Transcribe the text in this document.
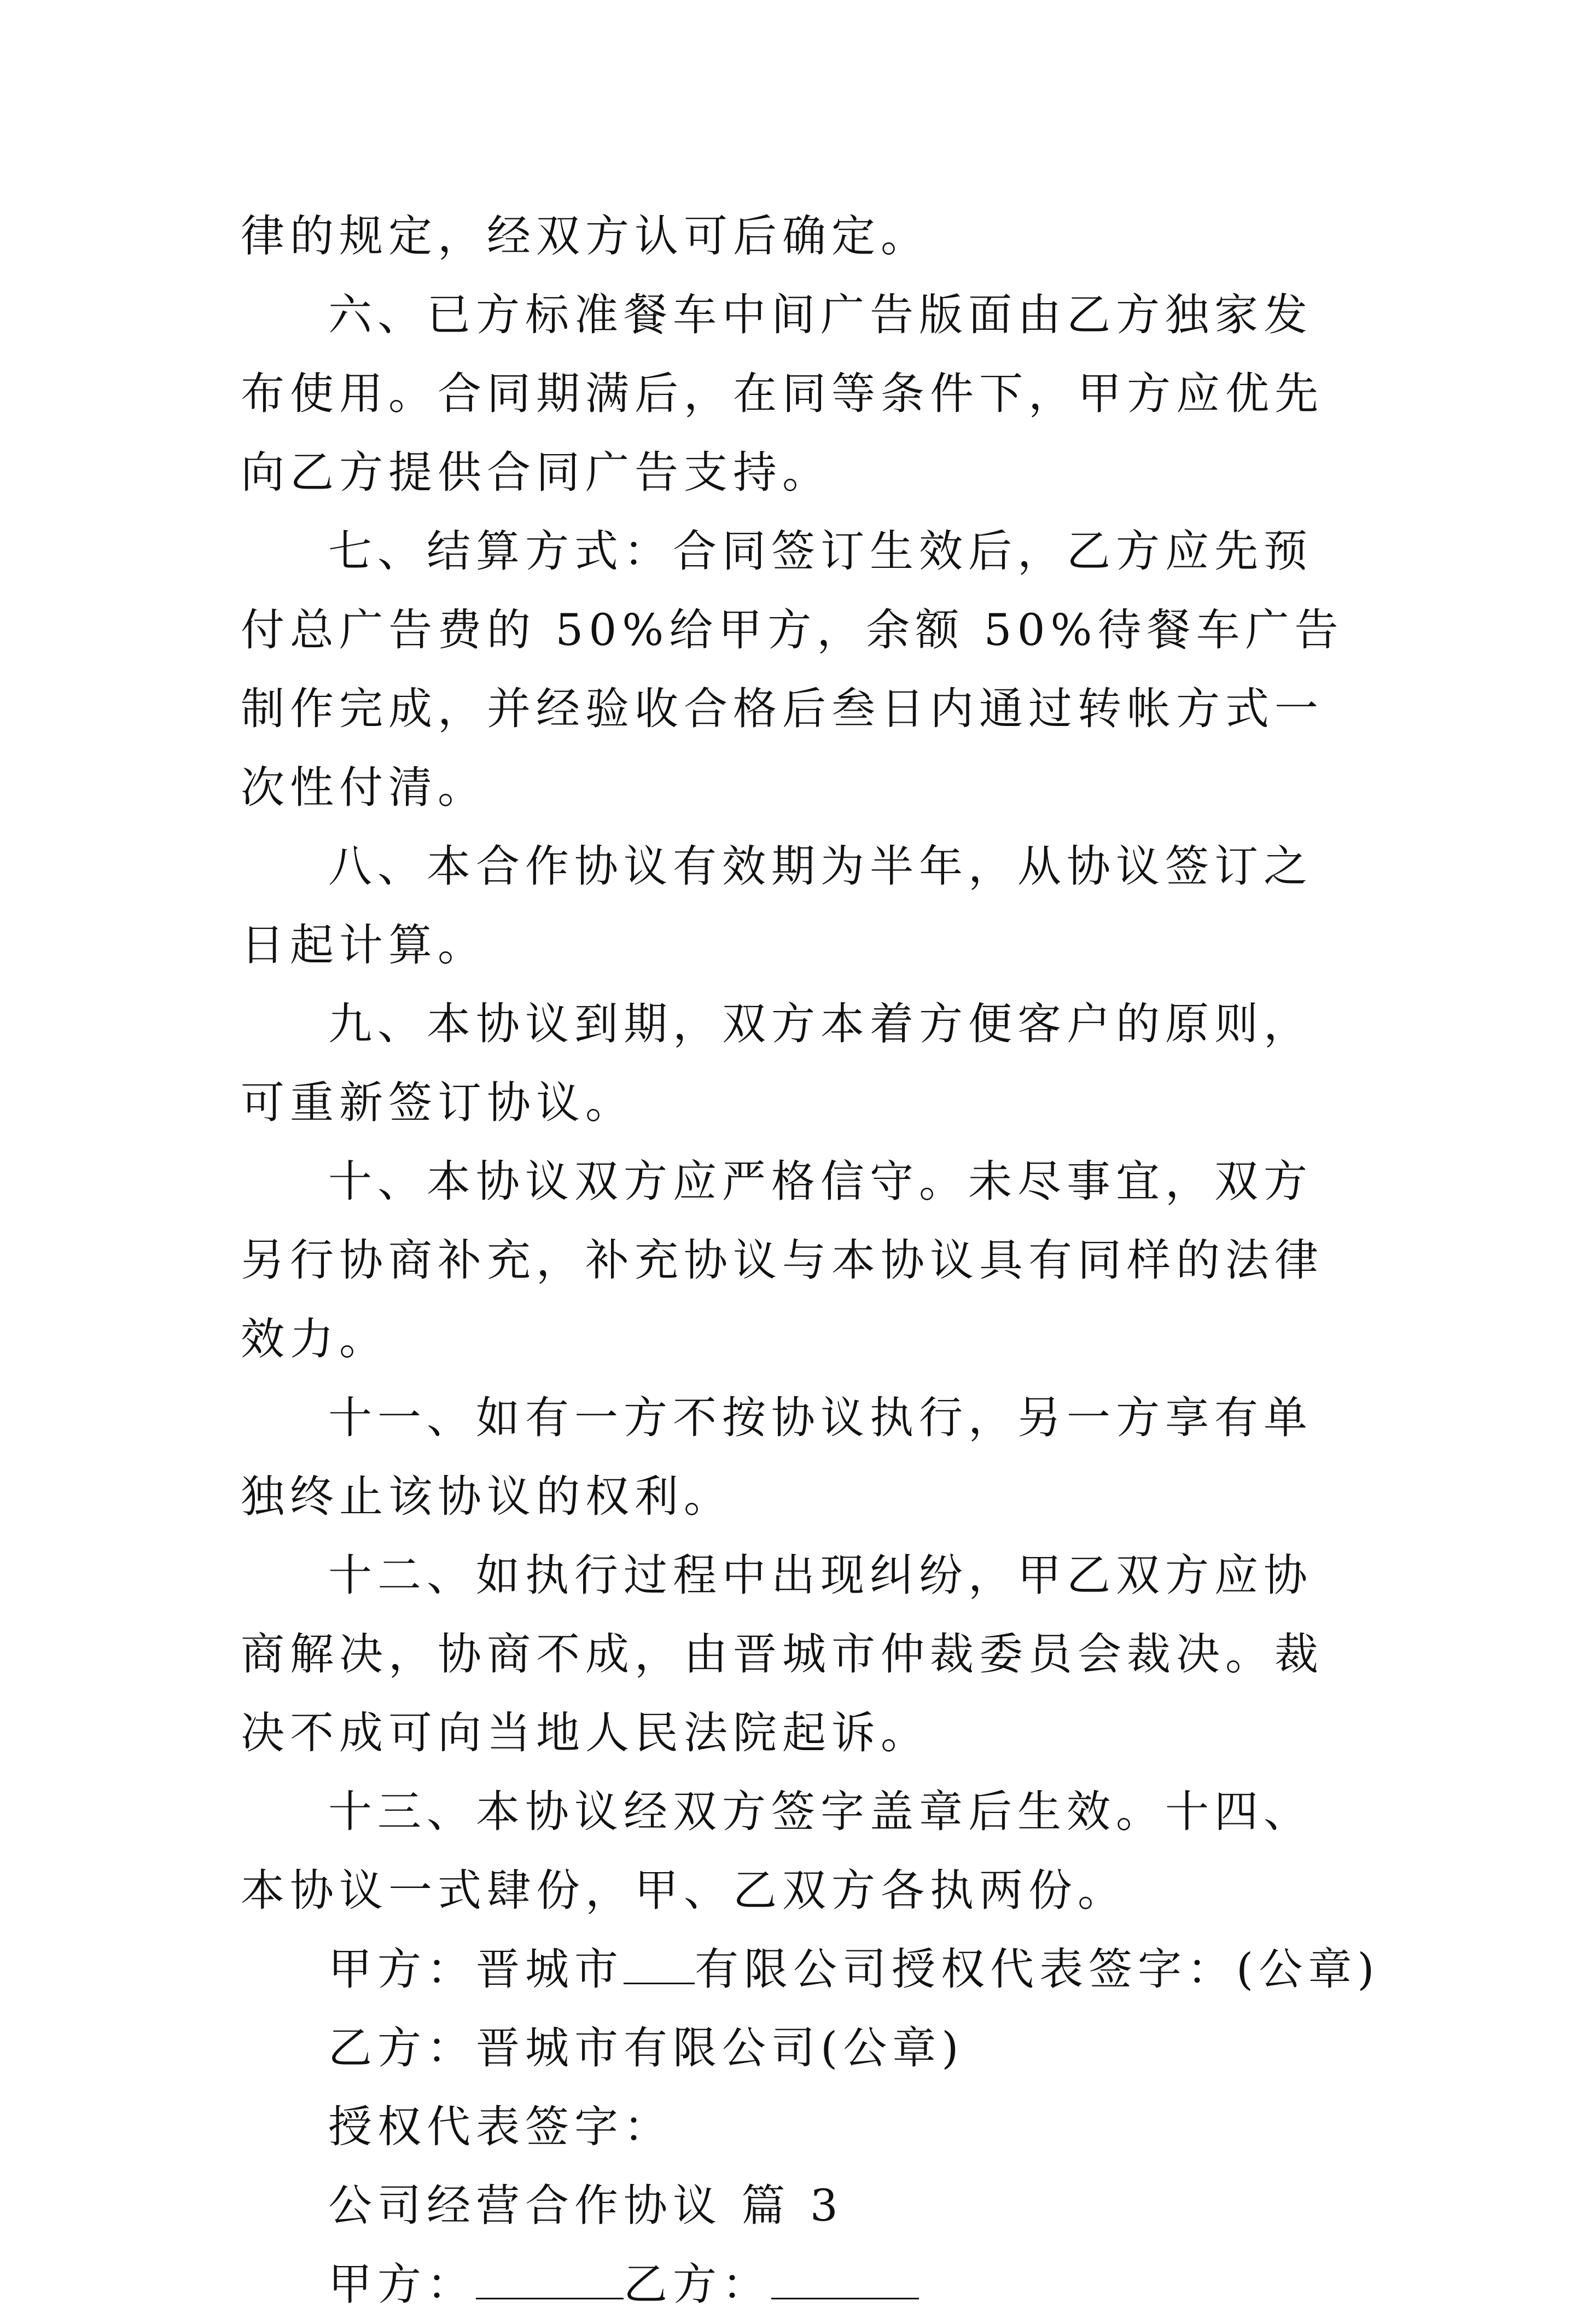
律的规定，经双方认可后确定。

六、已方标准餐车中间广告版面由乙方独家发布使用。合同期满后，在同等条件下，甲方应优先向乙方提供合同广告支持。

七、结算方式：合同签订生效后，乙方应先预付总广告费的 50%给甲方，余额 50%待餐车广告制作完成，并经验收合格后叁日内通过转帐方式一次性付清。

八、本合作协议有效期为半年，从协议签订之日起计算。

九、本协议到期，双方本着方便客户的原则，可重新签订协议。

十、本协议双方应严格信守。未尽事宜，双方另行协商补充，补充协议与本协议具有同样的法律效力。

十一、如有一方不按协议执行，另一方享有单独终止该协议的权利。

十二、如执行过程中出现纠纷，甲乙双方应协商解决，协商不成，由晋城市仲裁委员会裁决。裁决不成可向当地人民法院起诉。

十三、本协议经双方签字盖章后生效。十四、本协议一式肆份，甲、乙双方各执两份。

甲方：晋城市 有限公司授权代表签字：(公章)

乙方：晋城市有限公司(公章)

授权代表签字：

公司经营合作协议 篇 3

甲方：	乙方：
